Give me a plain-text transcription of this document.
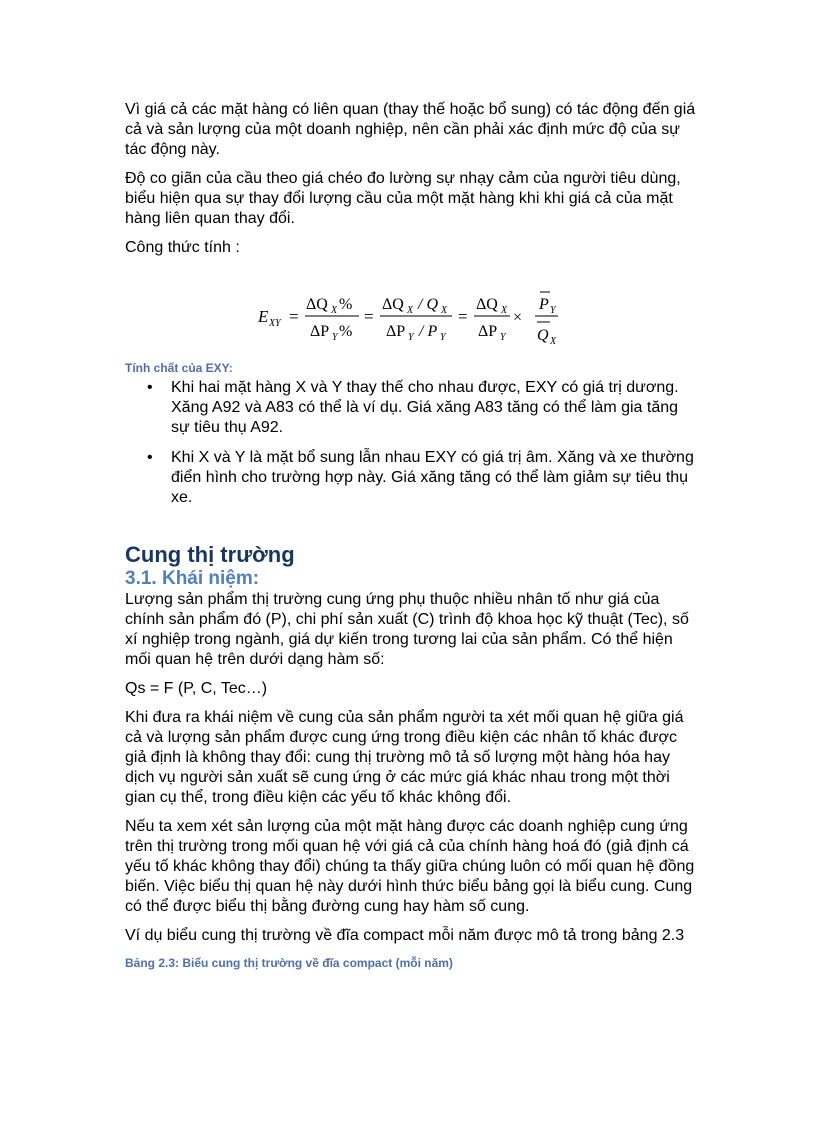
Vì giá cả các mặt hàng có liên quan (thay thế hoặc bổ sung) có tác động đến giá cả và sản lượng của một doanh nghiệp, nên cần phải xác định mức độ của sự tác động này.

Độ co giãn của cầu theo giá chéo đo lường sự nhạy cảm của người tiêu dùng, biểu hiện qua sự thay đổi lượng cầu của một mặt hàng khi khi giá cả của mặt hàng liên quan thay đổi.

Công thức tính :

E XY =
ΔQ X %
ΔP Y %
=
ΔQ X / Q X
ΔP Y / P Y
=
ΔQ X
ΔP Y
×
P Y
Q X
Tính chất của EXY:
• Khi hai mặt hàng X và Y thay thế cho nhau được, EXY có giá trị dương. Xăng A92 và A83 có thể là ví dụ. Giá xăng A83 tăng có thể làm gia tăng sự tiêu thụ A92.
• Khi X và Y là mặt bổ sung lẫn nhau EXY có giá trị âm. Xăng và xe thường điển hình cho trường hợp này. Giá xăng tăng có thể làm giảm sự tiêu thụ xe.
Cung thị trường
3.1. Khái niệm:

Lượng sản phẩm thị trường cung ứng phụ thuộc nhiều nhân tố như giá của chính sản phẩm đó (P), chi phí sản xuất (C) trình độ khoa học kỹ thuật (Tec), số xí nghiệp trong ngành, giá dự kiến trong tương lai của sản phẩm. Có thể hiện mối quan hệ trên dưới dạng hàm số:

Qs = F (P, C, Tec…)

Khi đưa ra khái niệm về cung của sản phẩm người ta xét mối quan hệ giữa giá cả và lượng sản phẩm được cung ứng trong điều kiện các nhân tố khác được giả định là không thay đổi: cung thị trường mô tả số lượng một hàng hóa hay dịch vụ người sản xuất sẽ cung ứng ở các mức giá khác nhau trong một thời gian cụ thể, trong điều kiện các yếu tố khác không đổi.

Nếu ta xem xét sản lượng của một mặt hàng được các doanh nghiệp cung ứng trên thị trường trong mối quan hệ với giá cả của chính hàng hoá đó (giả định cá yếu tố khác không thay đổi) chúng ta thấy giữa chúng luôn có mối quan hệ đồng biến. Việc biểu thị quan hệ này dưới hình thức biểu bảng gọi là biểu cung. Cung có thể được biểu thị bằng đường cung hay hàm số cung.

Ví dụ biểu cung thị trường về đĩa compact mỗi năm được mô tả trong bảng 2.3

Bảng 2.3: Biểu cung thị trường về đĩa compact (mỗi năm)
